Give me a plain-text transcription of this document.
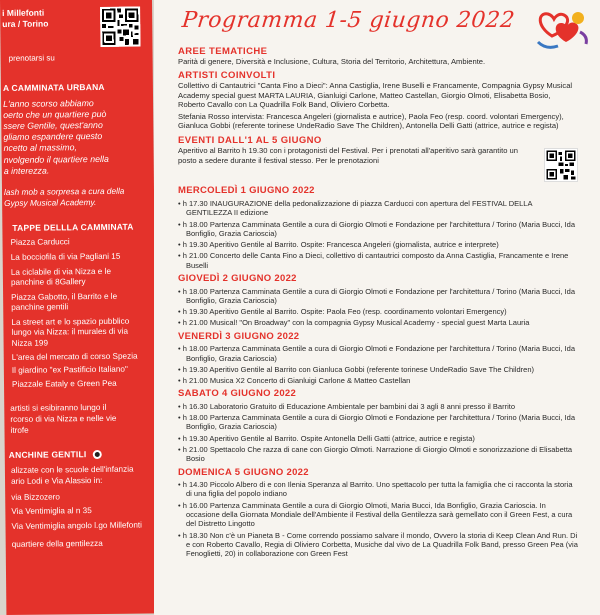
i Millefonti
ura / Torino
prenotarsi su
A CAMMINATA URBANA
L'anno scorso abbiamo
oerto che un quartiere può
ssere Gentile, quest'anno
gliamo espandere questo
ncetto al massimo,
nvolgendo il quartiere nella
a interezza.
lash mob a sorpresa a cura della
Gypsy Musical Academy.
TAPPE DELLLA CAMMINATA
Piazza Carducci
La bocciofila di via Pagliani 15
La ciclabile di via Nizza e le
panchine di 8Gallery
Piazza Gabotto, il Barrito e le
panchine gentili
La street art e lo spazio pubblico
lungo via Nizza: il murales di via
Nizza 199
L'area del mercato di corso Spezia
Il giardino "ex Pastificio Italiano"
Piazzale Eataly e Green Pea
artisti si esibiranno lungo il
rcorso di via Nizza e nelle vie
itrofe
ANCHINE GENTILI
alizzate con le scuole dell'infanzia
ario Lodi e Via Alassio in:
via Bizzozero
Via Ventimiglia al n 35
Via Ventimiglia angolo l.go Millefonti
quartiere della gentilezza
Programma 1-5 giugno 2022
AREE TEMATICHE
Parità di genere, Diversità e Inclusione, Cultura, Storia del Territorio, Architettura, Ambiente.
ARTISTI COINVOLTI
Collettivo di Cantautrici "Canta Fino a Dieci": Anna Castiglia, Irene Buselli e Francamente, Compagnia Gypsy Musical Academy special guest MARTA LAURIA, Gianluigi Carlone, Matteo Castellan, Giorgio Olmoti, Elisabetta Bosio, Roberto Cavallo con La Quadrilla Folk Band, Oliviero Corbetta.
Stefania Rosso intervista: Francesca Angeleri (giornalista e autrice), Paola Feo (resp. coord. volontari Emergency), Gianluca Gobbi (referente torinese UndeRadio Save The Children), Antonella Delli Gatti (attrice, autrice e regista)
EVENTI DALL'1 AL 5 GIUGNO
Aperitivo al Barrito h 19.30 con i protagonisti del Festival. Per i prenotati all'aperitivo sarà garantito un posto a sedere durante il festival stesso. Per le prenotazioni
MERCOLEDÌ 1 GIUGNO 2022
• h 17.30 INAUGURAZIONE della pedonalizzazione di piazza Carducci con apertura del FESTIVAL DELLA GENTILEZZA II edizione
• h 18.00 Partenza Camminata Gentile a cura di Giorgio Olmoti e Fondazione per l'architettura / Torino (Maria Bucci, Ida Bonfiglio, Grazia Carioscia)
• h 19.30 Aperitivo Gentile al Barrito. Ospite: Francesca Angeleri (giornalista, autrice e interprete)
• h 21.00 Concerto delle Canta Fino a Dieci, collettivo di cantautrici composto da Anna Castiglia, Francamente e Irene Buselli
GIOVEDÌ 2 GIUGNO 2022
• h 18.00 Partenza Camminata Gentile a cura di Giorgio Olmoti e Fondazione per l'architettura / Torino (Maria Bucci, Ida Bonfiglio, Grazia Carioscia)
• h 19.30 Aperitivo Gentile al Barrito. Ospite: Paola Feo (resp. coordinamento volontari Emergency)
• h 21.00 Musical! "On Broadway" con la compagnia Gypsy Musical Academy - special guest Marta Lauria
VENERDÌ 3 GIUGNO 2022
• h 18.00 Partenza Camminata Gentile a cura di Giorgio Olmoti e Fondazione per l'architettura / Torino (Maria Bucci, Ida Bonfiglio, Grazia Carioscia)
• h 19.30 Aperitivo Gentile al Barrito con Gianluca Gobbi (referente torinese UndeRadio Save The Children)
• h 21.00 Musica X2 Concerto di Gianluigi Carlone & Matteo Castellan
SABATO 4 GIUGNO 2022
• h 16.30 Laboratorio Gratuito di Educazione Ambientale per bambini dai 3 agli 8 anni presso il Barrito
• h 18.00 Partenza Camminata Gentile a cura di Giorgio Olmoti e Fondazione per l'architettura / Torino (Maria Bucci, Ida Bonfiglio, Grazia Carioscia)
• h 19.30 Aperitivo Gentile al Barrito. Ospite Antonella Delli Gatti (attrice, autrice e regista)
• h 21.00 Spettacolo Che razza di cane con Giorgio Olmoti. Narrazione di Giorgio Olmoti e sonorizzazione di Elisabetta Bosio
DOMENICA 5 GIUGNO 2022
• h 14.30 Piccolo Albero di e con Ilenia Speranza al Barrito. Uno spettacolo per tutta la famiglia che ci racconta la storia di una figlia del popolo indiano
• h 16.00 Partenza Camminata Gentile a cura di Giorgio Olmoti, Maria Bucci, Ida Bonfiglio, Grazia Carioscia. In occasione della Giornata Mondiale dell'Ambiente il Festival della Gentilezza sarà gemellato con il Green Fest, a cura del Distretto Lingotto
• h 18.30 Non c'è un Pianeta B - Come correndo possiamo salvare il mondo, Ovvero la storia di Keep Clean And Run. Di e con Roberto Cavallo, Regia di Oliviero Corbetta, Musiche dal vivo de La Quadrilla Folk Band, presso Green Pea (via Fenoglietti, 20) in collaborazione con Green Fest
